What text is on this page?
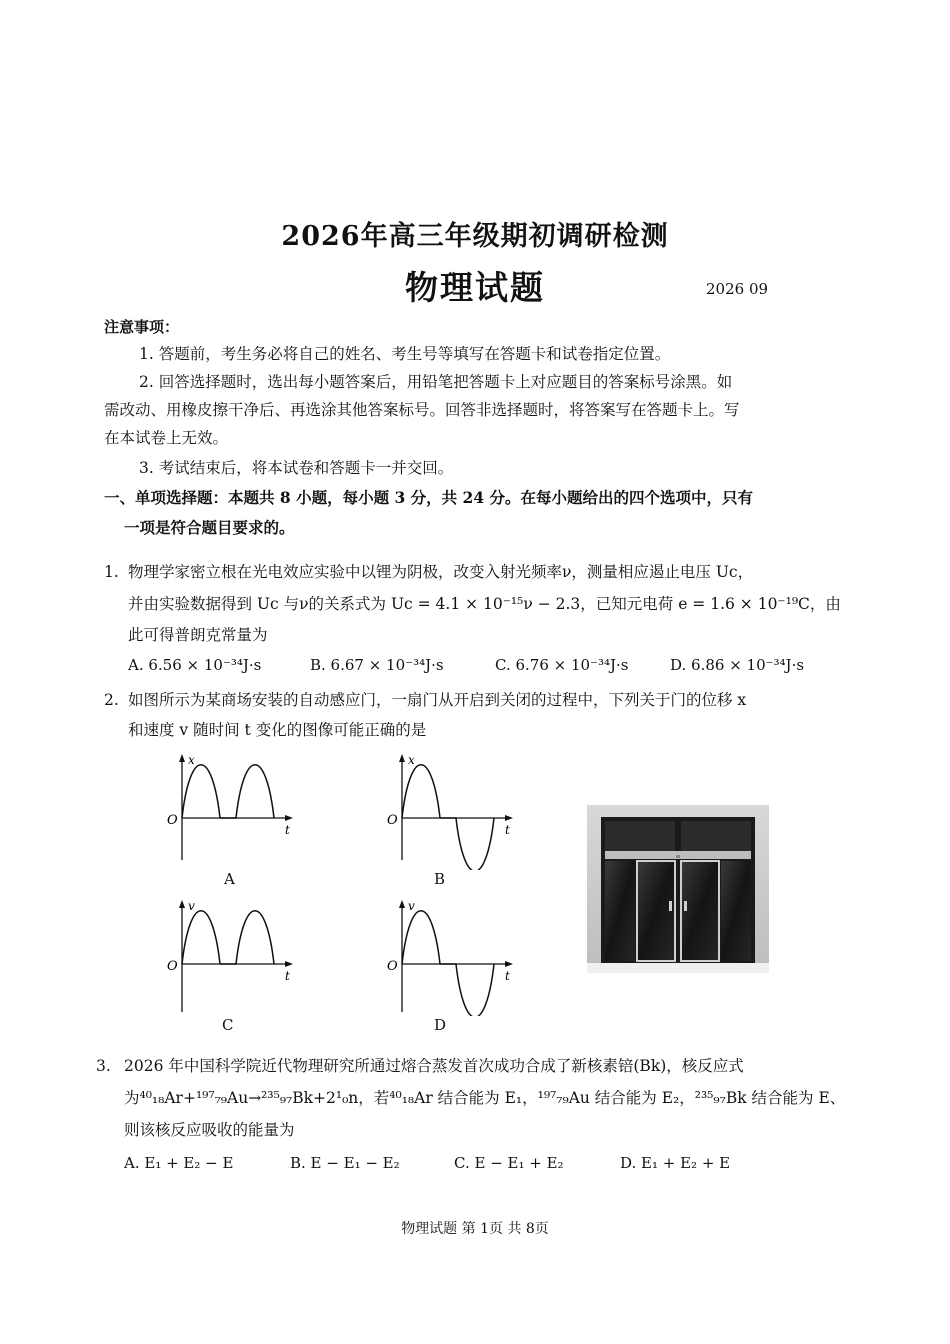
2026年高三年级期初调研检测
物理试题	2026 09
注意事项：
1. 答题前，考生务必将自己的姓名、考生号等填写在答题卡和试卷指定位置。
2. 回答选择题时，选出每小题答案后，用铅笔把答题卡上对应题目的答案标号涂黑。如
需改动、用橡皮擦干净后、再选涂其他答案标号。回答非选择题时，将答案写在答题卡上。写
在本试卷上无效。
3. 考试结束后，将本试卷和答题卡一并交回。
一、单项选择题：本题共 8 小题，每小题 3 分，共 24 分。在每小题给出的四个选项中，只有
一项是符合题目要求的。
1. 物理学家密立根在光电效应实验中以锂为阴极，改变入射光频率ν，测量相应遏止电压 Uc，
并由实验数据得到 Uc 与ν的关系式为 Uc = 4.1 × 10⁻¹⁵ν − 2.3，已知元电荷 e = 1.6 × 10⁻¹⁹C，由
此可得普朗克常量为
A. 6.56 × 10⁻³⁴J·s	B. 6.67 × 10⁻³⁴J·s	C. 6.76 × 10⁻³⁴J·s	D. 6.86 × 10⁻³⁴J·s
2. 如图所示为某商场安装的自动感应门，一扇门从开启到关闭的过程中，下列关于门的位移 x
和速度 v 随时间 t 变化的图像可能正确的是
x
O
t
A
x
O
t
B
v
O
t
C
v
O
t
D
3. 2026 年中国科学院近代物理研究所通过熔合蒸发首次成功合成了新核素锫(Bk)，核反应式
为⁴⁰₁₈Ar+¹⁹⁷₇₉Au→²³⁵₉₇Bk+2¹₀n，若⁴⁰₁₈Ar 结合能为 E₁，¹⁹⁷₇₉Au 结合能为 E₂，²³⁵₉₇Bk 结合能为 E、
则该核反应吸收的能量为
A. E₁ + E₂ − E	B. E − E₁ − E₂	C. E − E₁ + E₂	D. E₁ + E₂ + E
物理试题 第 1页 共 8页
